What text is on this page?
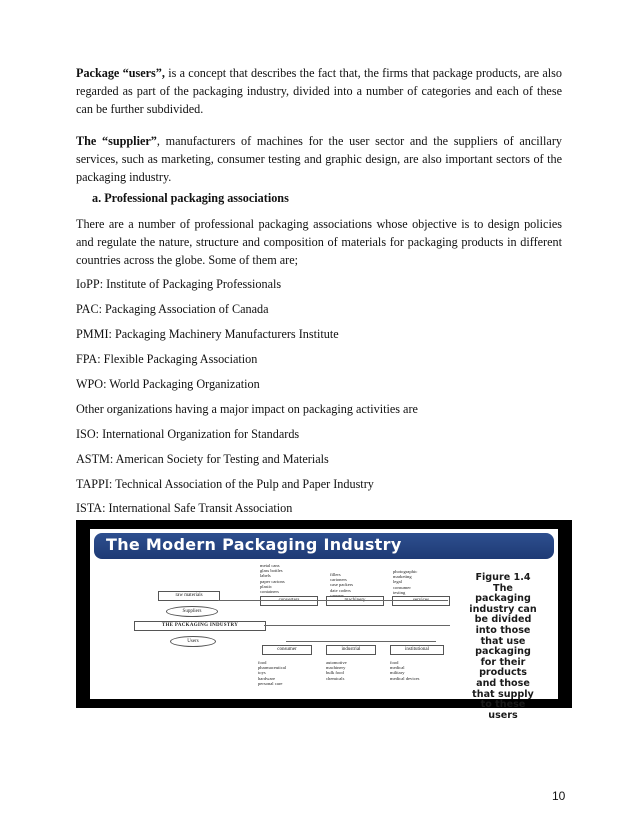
Package “users”, is a concept that describes the fact that, the firms that package products, are also regarded as part of the packaging industry, divided into a number of categories and each of these can be further subdivided.

The “supplier”, manufacturers of machines for the user sector and the suppliers of ancillary services, such as marketing, consumer testing and graphic design, are also important sectors of the packaging industry.

a. Professional packaging associations

There are a number of professional packaging associations whose objective is to design policies and regulate the nature, structure and composition of materials for packaging products in different countries across the globe. Some of them are;

IoPP: Institute of Packaging Professionals
PAC: Packaging Association of Canada
PMMI: Packaging Machinery Manufacturers Institute
FPA: Flexible Packaging Association
WPO: World Packaging Organization
Other organizations having a major impact on packaging activities are
ISO: International Organization for Standards
ASTM: American Society for Testing and Materials
TAPPI: Technical Association of the Pulp and Paper Industry
ISTA: International Safe Transit Association
The Modern Packaging Industry
metal cans
glass bottles
labels
paper cartons
plastic
containers
fillers
cartoners
case packers
date coders
photographic
marketing
legal
consumer
testing
raw materials
Suppliers
THE PACKAGING INDUSTRY
Users
consumer	industrial	institutional
food
pharmaceutical
toys
hardware
personal care
automotive
machinery
bulk food
chemicals
food
medical
military
medical devices
Figure 1.4
The
packaging
industry can
be divided
into those
that use
packaging
for their
products
and those
that supply
to these
users
10
